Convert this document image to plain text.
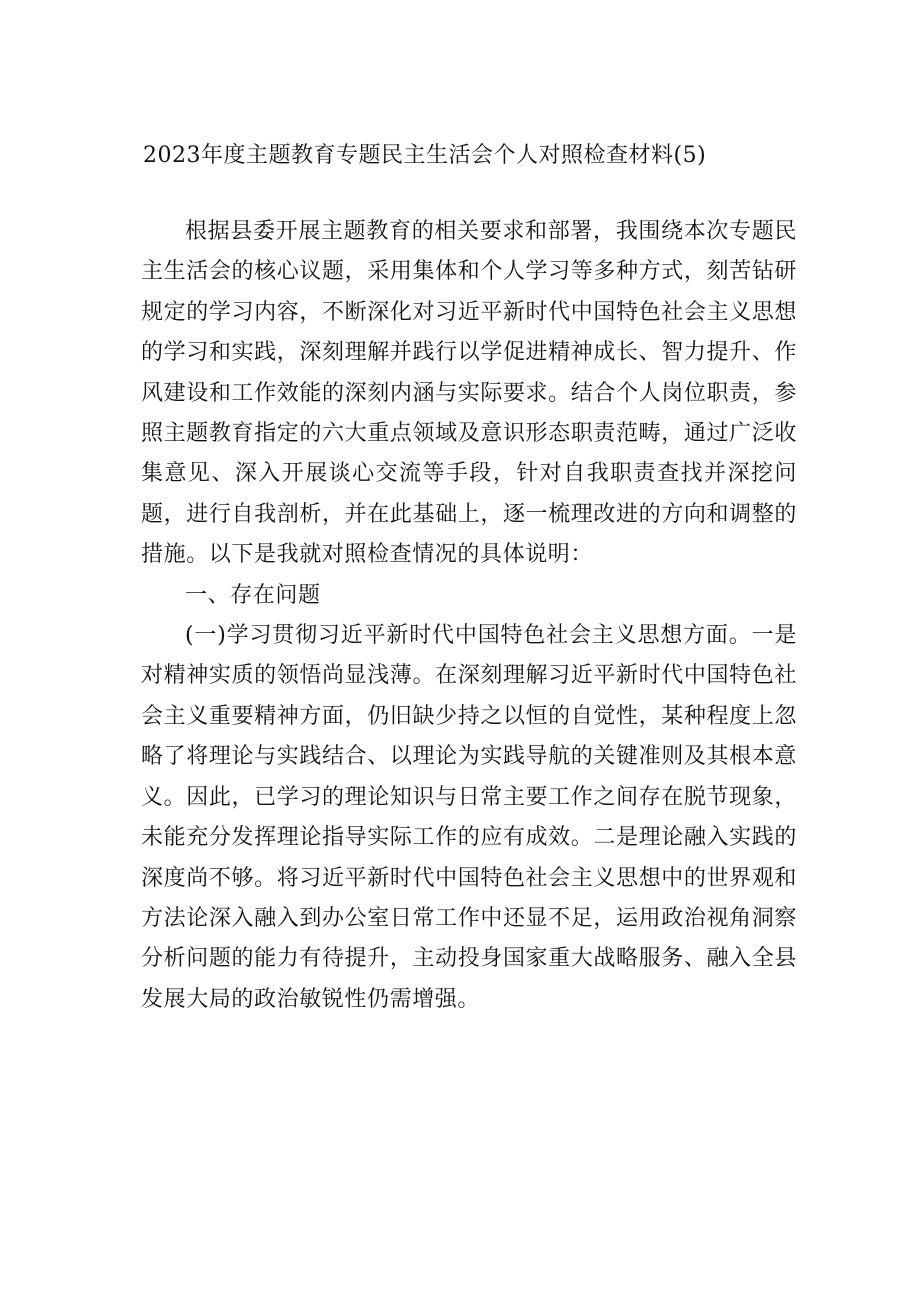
2023年度主题教育专题民主生活会个人对照检查材料(5)

根据县委开展主题教育的相关要求和部署，我围绕本次专题民主生活会的核心议题，采用集体和个人学习等多种方式，刻苦钻研规定的学习内容，不断深化对习近平新时代中国特色社会主义思想的学习和实践，深刻理解并践行以学促进精神成长、智力提升、作风建设和工作效能的深刻内涵与实际要求。结合个人岗位职责，参照主题教育指定的六大重点领域及意识形态职责范畴，通过广泛收集意见、深入开展谈心交流等手段，针对自我职责查找并深挖问题，进行自我剖析，并在此基础上，逐一梳理改进的方向和调整的措施。以下是我就对照检查情况的具体说明：

一、存在问题

(一)学习贯彻习近平新时代中国特色社会主义思想方面。一是对精神实质的领悟尚显浅薄。在深刻理解习近平新时代中国特色社会主义重要精神方面，仍旧缺少持之以恒的自觉性，某种程度上忽略了将理论与实践结合、以理论为实践导航的关键准则及其根本意义。因此，已学习的理论知识与日常主要工作之间存在脱节现象，未能充分发挥理论指导实际工作的应有成效。二是理论融入实践的深度尚不够。将习近平新时代中国特色社会主义思想中的世界观和方法论深入融入到办公室日常工作中还显不足，运用政治视角洞察分析问题的能力有待提升，主动投身国家重大战略服务、融入全县发展大局的政治敏锐性仍需增强。
